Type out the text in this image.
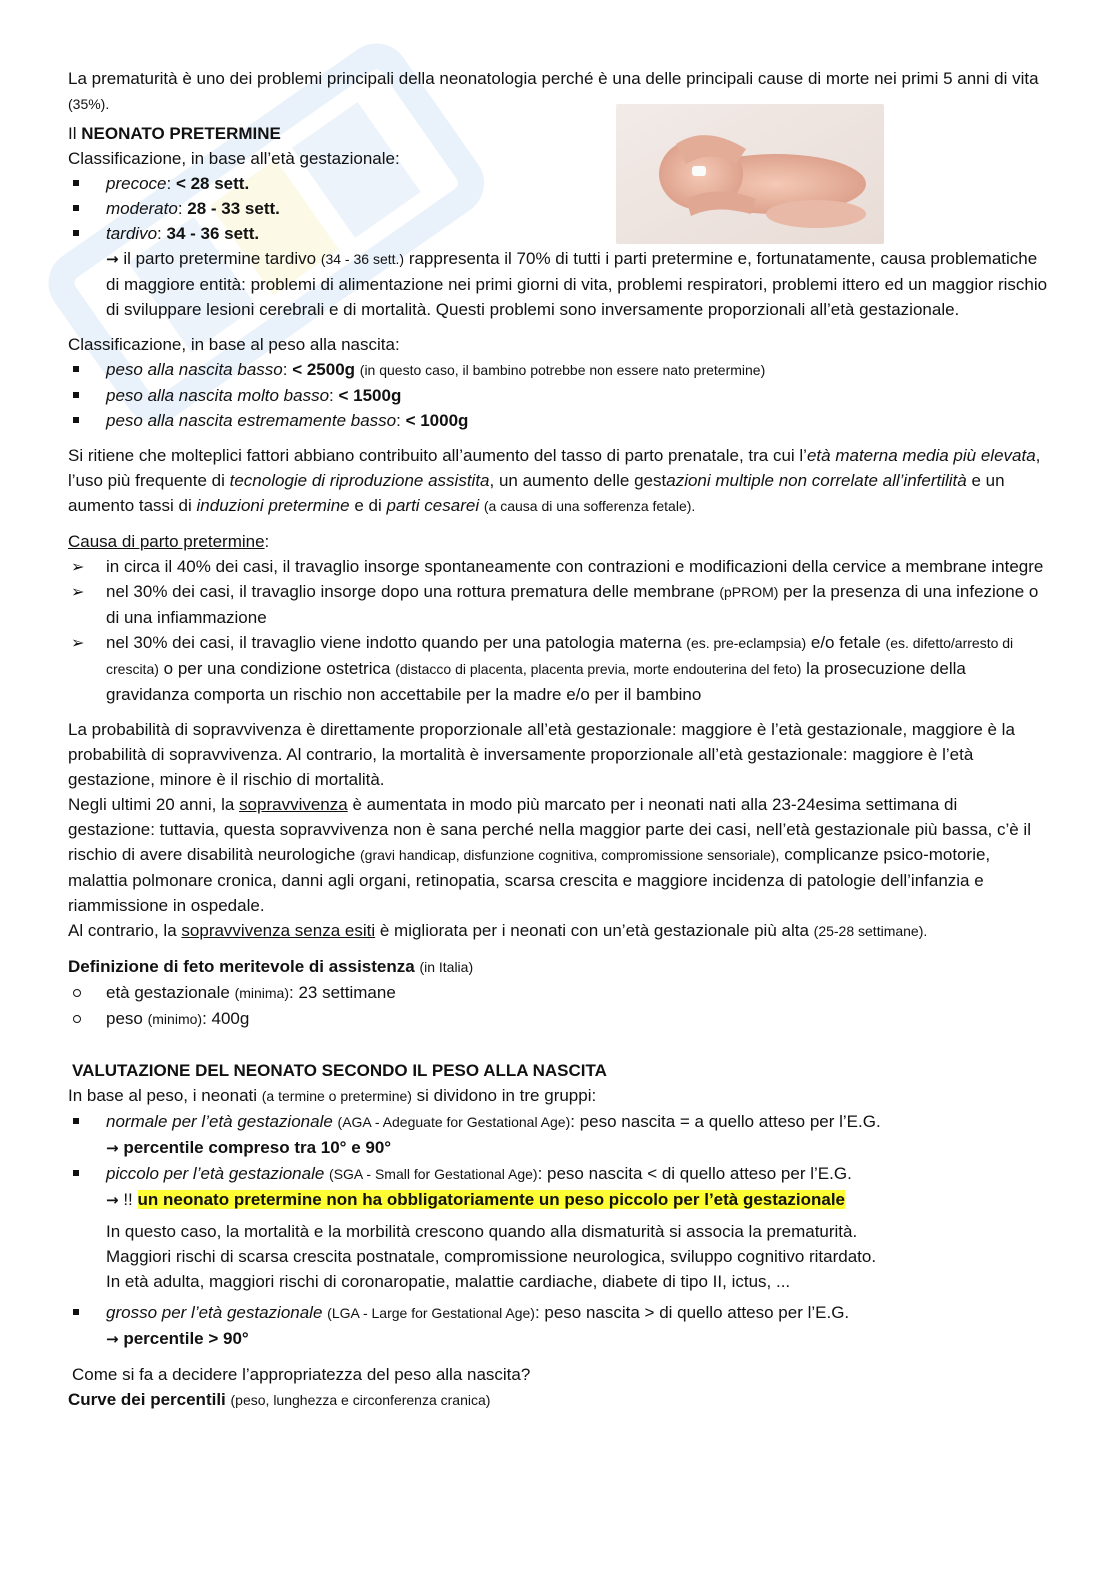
La prematurità è uno dei problemi principali della neonatologia perché è una delle principali cause di morte nei primi 5 anni di vita (35%).

Il NEONATO PRETERMINE

Classificazione, in base all’età gestazionale:

precoce: < 28 sett.
moderato: 28 - 33 sett.
tardivo: 34 - 36 sett.

→ il parto pretermine tardivo (34 - 36 sett.) rappresenta il 70% di tutti i parti pretermine e, fortunatamente, causa problematiche di maggiore entità: problemi di alimentazione nei primi giorni di vita, problemi respiratori, problemi ittero ed un maggior rischio di sviluppare lesioni cerebrali e di mortalità. Questi problemi sono inversamente proporzionali all’età gestazionale.

Classificazione, in base al peso alla nascita:

peso alla nascita basso: < 2500g (in questo caso, il bambino potrebbe non essere nato pretermine)
peso alla nascita molto basso: < 1500g
peso alla nascita estremamente basso: < 1000g

Si ritiene che molteplici fattori abbiano contribuito all’aumento del tasso di parto prenatale, tra cui l’età materna media più elevata, l’uso più frequente di tecnologie di riproduzione assistita, un aumento delle gestazioni multiple non correlate all’infertilità e un aumento tassi di induzioni pretermine e di parti cesarei (a causa di una sofferenza fetale).

Causa di parto pretermine:

➢ in circa il 40% dei casi, il travaglio insorge spontaneamente con contrazioni e modificazioni della cervice a membrane integre
➢ nel 30% dei casi, il travaglio insorge dopo una rottura prematura delle membrane (pPROM) per la presenza di una infezione o di una infiammazione
➢ nel 30% dei casi, il travaglio viene indotto quando per una patologia materna (es. pre-eclampsia) e/o fetale (es. difetto/arresto di crescita) o per una condizione ostetrica (distacco di placenta, placenta previa, morte endouterina del feto) la prosecuzione della gravidanza comporta un rischio non accettabile per la madre e/o per il bambino

La probabilità di sopravvivenza è direttamente proporzionale all’età gestazionale: maggiore è l’età gestazionale, maggiore è la probabilità di sopravvivenza. Al contrario, la mortalità è inversamente proporzionale all’età gestazionale: maggiore è l’età gestazione, minore è il rischio di mortalità.

Negli ultimi 20 anni, la sopravvivenza è aumentata in modo più marcato per i neonati nati alla 23-24esima settimana di gestazione: tuttavia, questa sopravvivenza non è sana perché nella maggior parte dei casi, nell’età gestazionale più bassa, c’è il rischio di avere disabilità neurologiche (gravi handicap, disfunzione cognitiva, compromissione sensoriale), complicanze psico-motorie, malattia polmonare cronica, danni agli organi, retinopatia, scarsa crescita e maggiore incidenza di patologie dell’infanzia e riammissione in ospedale.

Al contrario, la sopravvivenza senza esiti è migliorata per i neonati con un’età gestazionale più alta (25-28 settimane).

Definizione di feto meritevole di assistenza (in Italia)

età gestazionale (minima): 23 settimane
peso (minimo): 400g

VALUTAZIONE DEL NEONATO SECONDO IL PESO ALLA NASCITA

In base al peso, i neonati (a termine o pretermine) si dividono in tre gruppi:

normale per l’età gestazionale (AGA - Adeguate for Gestational Age): peso nascita = a quello atteso per l’E.G.
→ percentile compreso tra 10° e 90°
piccolo per l’età gestazionale (SGA - Small for Gestational Age): peso nascita < di quello atteso per l’E.G.
→ !! un neonato pretermine non ha obbligatoriamente un peso piccolo per l’età gestazionale
In questo caso, la mortalità e la morbilità crescono quando alla dismaturità si associa la prematurità.
Maggiori rischi di scarsa crescita postnatale, compromissione neurologica, sviluppo cognitivo ritardato.
In età adulta, maggiori rischi di coronaropatie, malattie cardiache, diabete di tipo II, ictus, ...
grosso per l’età gestazionale (LGA - Large for Gestational Age): peso nascita > di quello atteso per l’E.G.
→ percentile > 90°

Come si fa a decidere l’appropriatezza del peso alla nascita?

Curve dei percentili (peso, lunghezza e circonferenza cranica)
